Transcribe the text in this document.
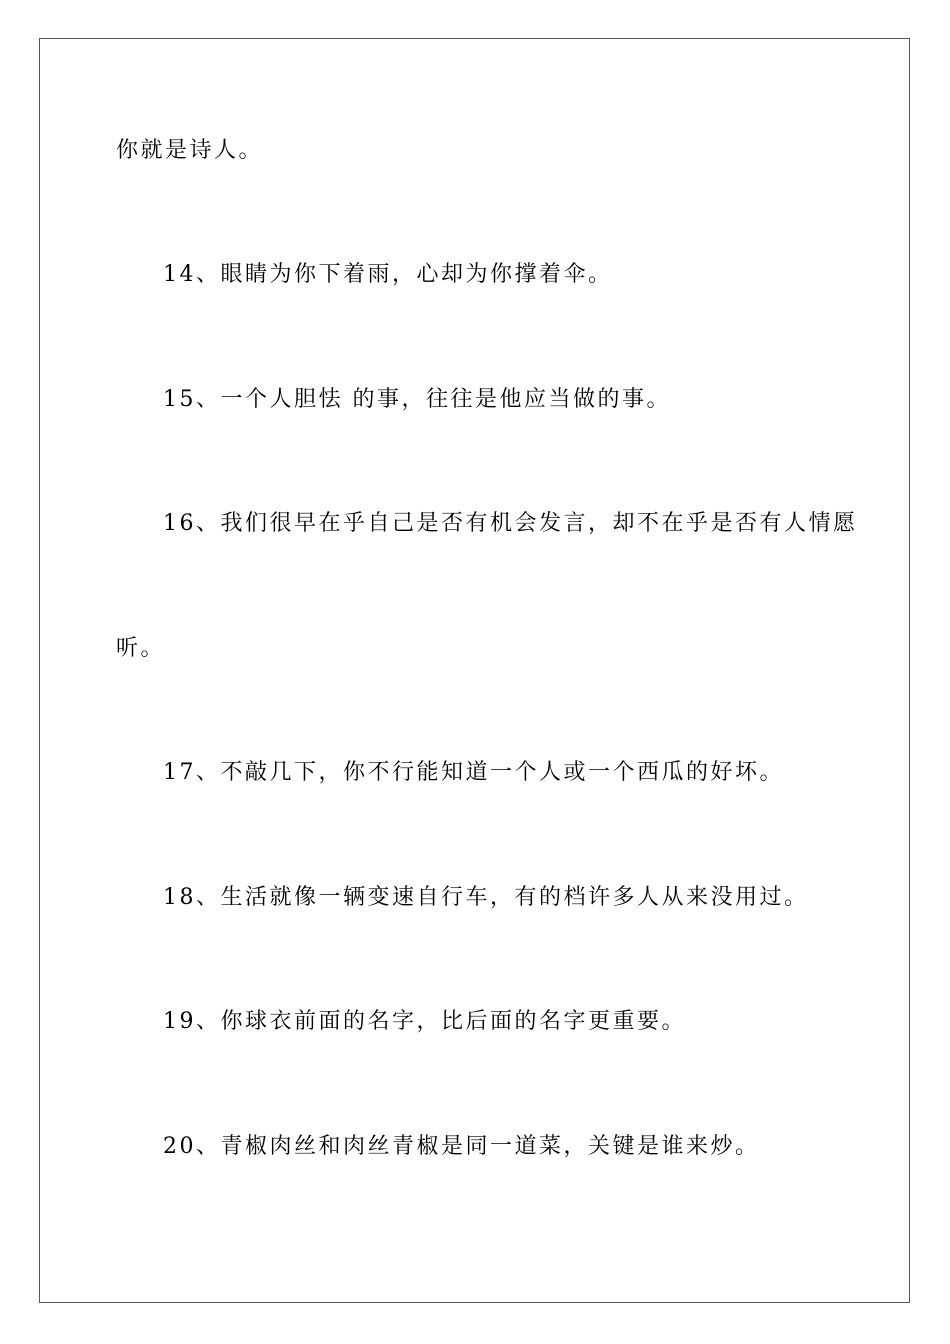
你就是诗人。
14、眼睛为你下着雨，心却为你撑着伞。
15、一个人胆怯 的事，往往是他应当做的事。
16、我们很早在乎自己是否有机会发言，却不在乎是否有人情愿
听。
17、不敲几下，你不行能知道一个人或一个西瓜的好坏。
18、生活就像一辆变速自行车，有的档许多人从来没用过。
19、你球衣前面的名字，比后面的名字更重要。
20、青椒肉丝和肉丝青椒是同一道菜，关键是谁来炒。
